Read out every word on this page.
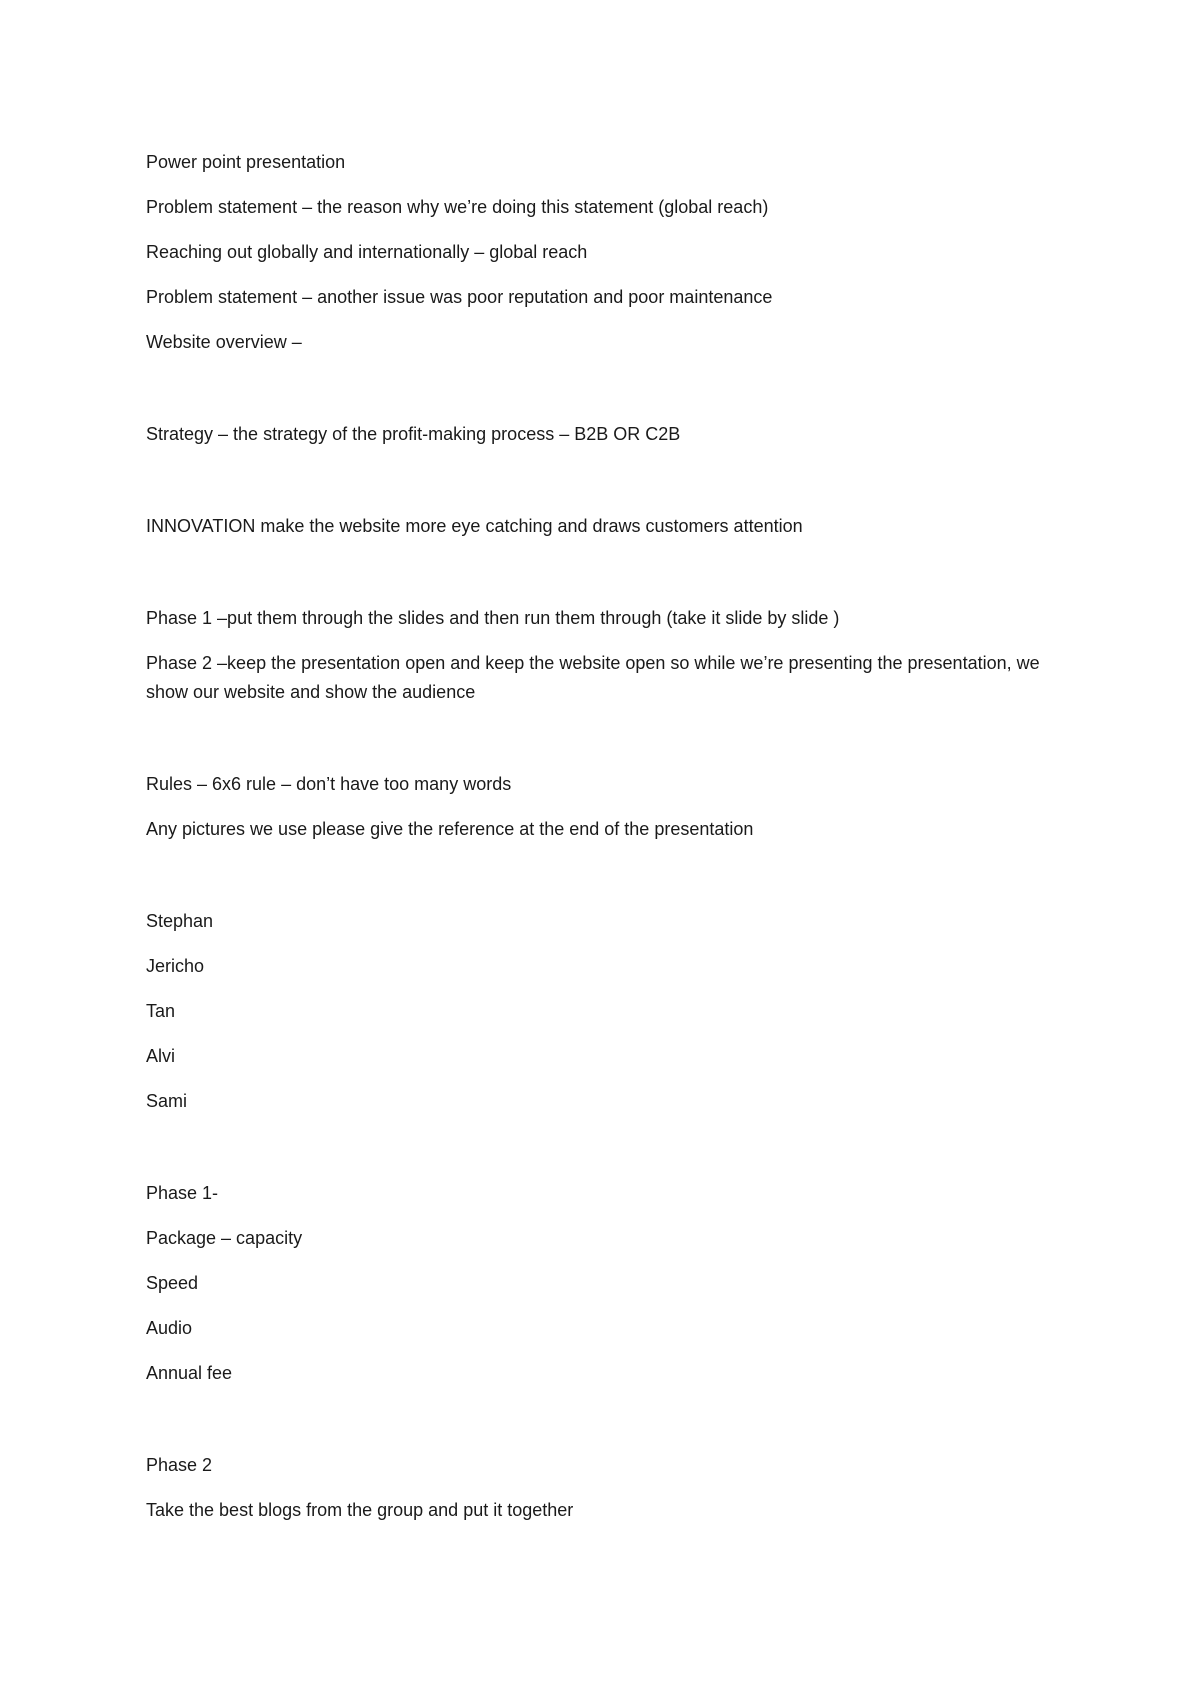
Power point presentation

Problem statement – the reason why we’re doing this statement (global reach)

Reaching out globally and internationally – global reach

Problem statement – another issue was poor reputation and poor maintenance

Website overview –

Strategy – the strategy of the profit-making process – B2B OR C2B

INNOVATION make the website more eye catching and draws customers attention

Phase 1 –put them through the slides and then run them through (take it slide by slide )

Phase 2 –keep the presentation open and keep the website open so while we’re presenting the presentation, we show our website and show the audience

Rules – 6x6 rule – don’t have too many words

Any pictures we use please give the reference at the end of the presentation

Stephan

Jericho

Tan

Alvi

Sami

Phase 1-

Package – capacity

Speed

Audio

Annual fee

Phase 2

Take the best blogs from the group and put it together
